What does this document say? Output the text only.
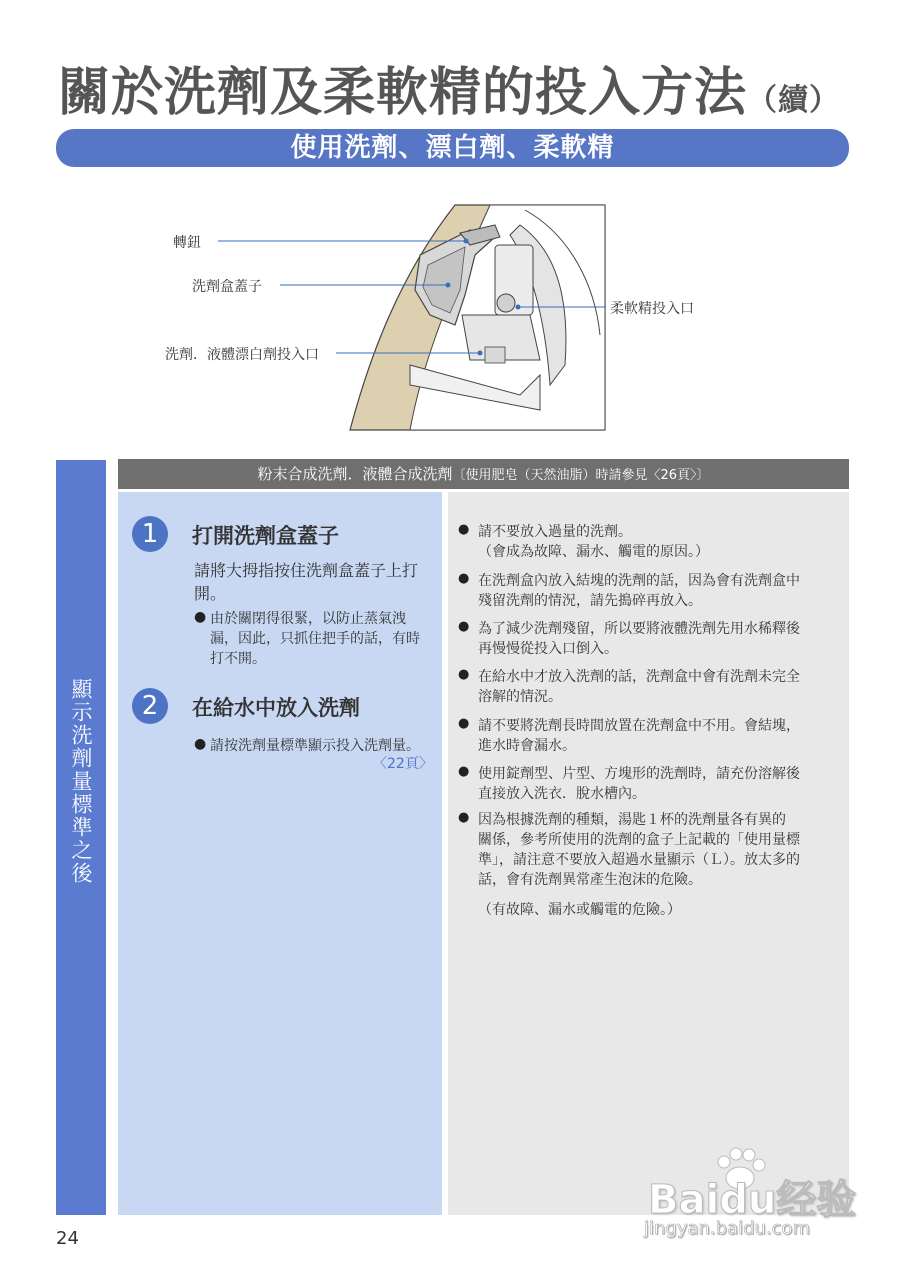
關於洗劑及柔軟精的投入方法（續）
使用洗劑、漂白劑、柔軟精
轉鈕
洗劑盒蓋子
洗劑．液體漂白劑投入口
柔軟精投入口
顯示洗劑量標準之後
粉末合成洗劑．液體合成洗劑〔使用肥皂（天然油脂）時請參見〈26頁〉〕
1	打開洗劑盒蓋子
請將大拇指按住洗劑盒蓋子上打開。
● 由於關閉得很緊，以防止蒸氣洩漏，因此，只抓住把手的話，有時打不開。
2	在給水中放入洗劑
● 請按洗劑量標準顯示投入洗劑量。
〈22頁〉
● 請不要放入過量的洗劑。
（會成為故障、漏水、觸電的原因。）
● 在洗劑盒內放入結塊的洗劑的話，因為會有洗劑盒中
殘留洗劑的情況，請先搗碎再放入。
● 為了減少洗劑殘留，所以要將液體洗劑先用水稀釋後
再慢慢從投入口倒入。
● 在給水中才放入洗劑的話，洗劑盒中會有洗劑未完全
溶解的情況。
● 請不要將洗劑長時間放置在洗劑盒中不用。會結塊，
進水時會漏水。
● 使用錠劑型、片型、方塊形的洗劑時，請充份溶解後
直接放入洗衣．脫水槽內。
● 因為根據洗劑的種類，湯匙１杯的洗劑量各有異的
關係，參考所使用的洗劑的盒子上記載的「使用量標
準」，請注意不要放入超過水量顯示（Ｌ）。放太多的
話，會有洗劑異常產生泡沫的危險。
（有故障、漏水或觸電的危險。）
Baidu经验
jingyan.baidu.com
24
